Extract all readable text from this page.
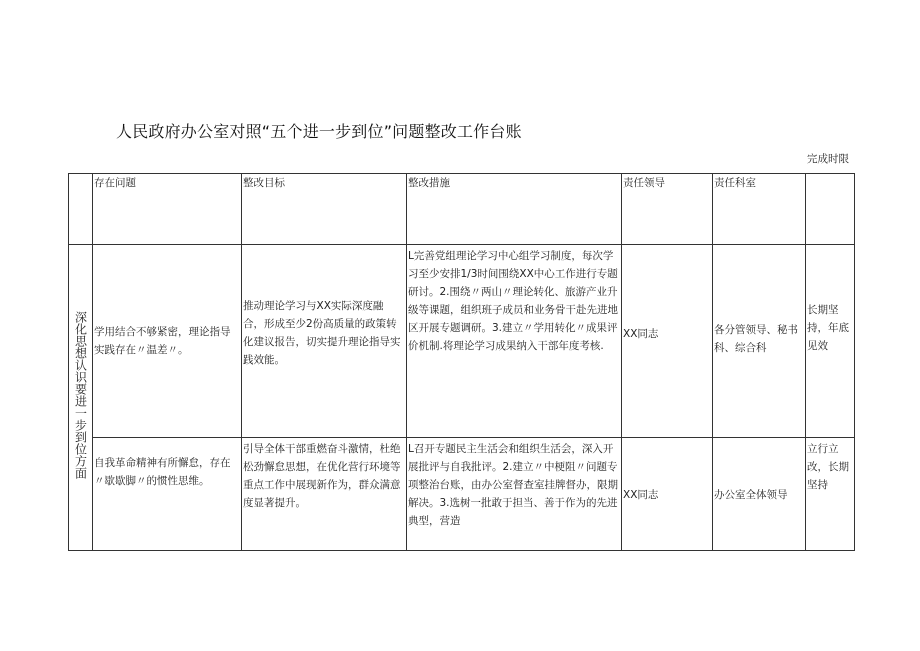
人民政府办公室对照“五个进一步到位”问题整改工作台账

	存在问题	整改目标	整改措施	责任领导	责任科室	完成时限

深化思想认识要进一步到位方面	学用结合不够紧密，理论指导实践存在〃温差〃。	推动理论学习与XX实际深度融合，形成至少2份高质量的政策转化建议报告，切实提升理论指导实践效能。	L完善党组理论学习中心组学习制度，每次学习至少安排1/3时间围绕XX中心工作进行专题研讨。2.围绕〃两山〃理论转化、旅游产业升级等课题，组织班子成员和业务骨干赴先进地区开展专题调研。3.建立〃学用转化〃成果评价机制.将理论学习成果纳入干部年度考核.	XX同志	各分管领导、秘书科、综合科	长期坚持，年底见效

	自我革命精神有所懈怠，存在〃歇歇脚〃的惯性思维。	引导全体干部重燃奋斗激情，杜绝松劲懈怠思想，在优化营行环境等重点工作中展现新作为，群众满意度显著提升。	L召开专题民主生活会和组织生活会，深入开展批评与自我批评。2.建立〃中梗阻〃问题专项整治台账，由办公室督查室挂牌督办，限期解决。3.选树一批敢于担当、善于作为的先进典型，营造	XX同志	办公室全体领导	立行立改，长期坚持
